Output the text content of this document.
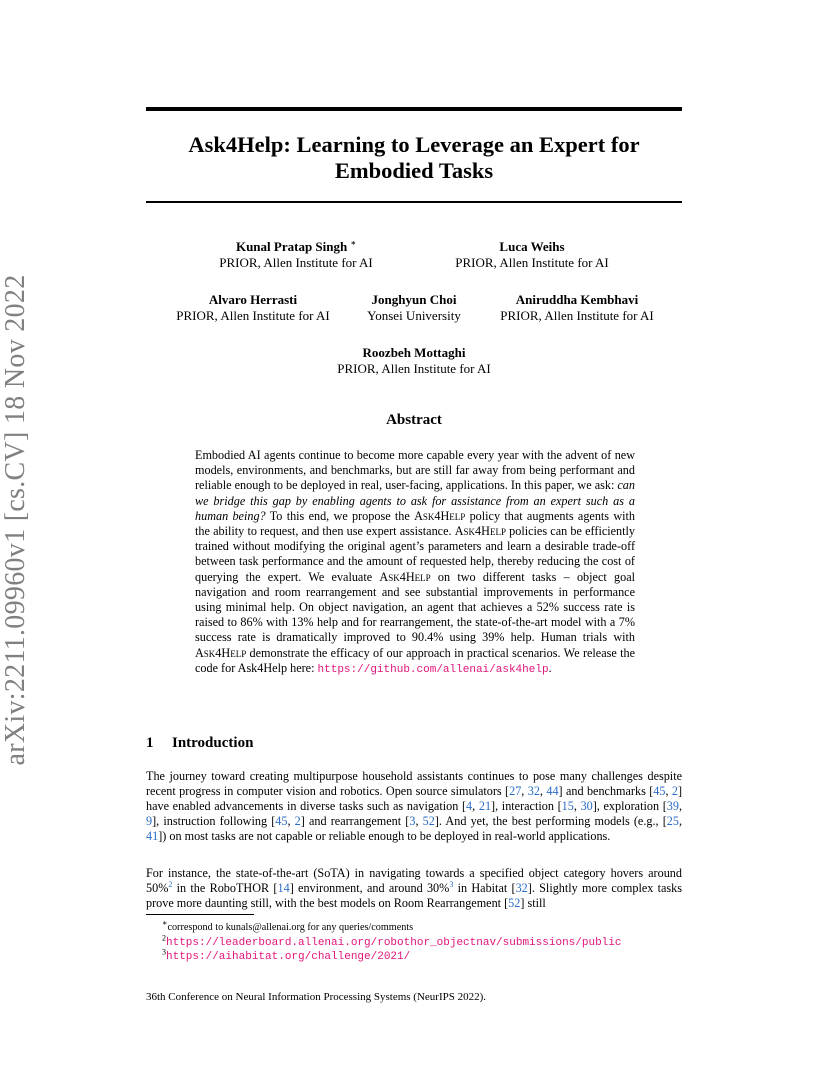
arXiv:2211.09960v1 [cs.CV] 18 Nov 2022
Ask4Help: Learning to Leverage an Expert for
Embodied Tasks
Kunal Pratap Singh ∗
PRIOR, Allen Institute for AI
Luca Weihs
PRIOR, Allen Institute for AI
Alvaro Herrasti
PRIOR, Allen Institute for AI
Jonghyun Choi
Yonsei University
Aniruddha Kembhavi
PRIOR, Allen Institute for AI
Roozbeh Mottaghi
PRIOR, Allen Institute for AI
Abstract
Embodied AI agents continue to become more capable every year with the advent of new models, environments, and benchmarks, but are still far away from being performant and reliable enough to be deployed in real, user-facing, applications. In this paper, we ask: can we bridge this gap by enabling agents to ask for assistance from an expert such as a human being? To this end, we propose the Ask4Help policy that augments agents with the ability to request, and then use expert assistance. Ask4Help policies can be efficiently trained without modifying the original agent’s parameters and learn a desirable trade-off between task performance and the amount of requested help, thereby reducing the cost of querying the expert. We evaluate Ask4Help on two different tasks – object goal navigation and room rearrangement and see substantial improvements in performance using minimal help. On object navigation, an agent that achieves a 52% success rate is raised to 86% with 13% help and for rearrangement, the state-of-the-art model with a 7% success rate is dramatically improved to 90.4% using 39% help. Human trials with Ask4Help demonstrate the efficacy of our approach in practical scenarios. We release the code for Ask4Help here: https://github.com/allenai/ask4help.
1 Introduction
The journey toward creating multipurpose household assistants continues to pose many challenges despite recent progress in computer vision and robotics. Open source simulators [27, 32, 44] and benchmarks [45, 2] have enabled advancements in diverse tasks such as navigation [4, 21], interaction [15, 30], exploration [39, 9], instruction following [45, 2] and rearrangement [3, 52]. And yet, the best performing models (e.g., [25, 41]) on most tasks are not capable or reliable enough to be deployed in real-world applications.
For instance, the state-of-the-art (SoTA) in navigating towards a specified object category hovers around 50%$^2$ in the RoboTHOR [14] environment, and around 30%$^3$ in Habitat [32]. Slightly more complex tasks prove more daunting still, with the best models on Room Rearrangement [52] still
∗correspond to kunals@allenai.org for any queries/comments
$^2$https://leaderboard.allenai.org/robothor_objectnav/submissions/public
$^3$https://aihabitat.org/challenge/2021/
36th Conference on Neural Information Processing Systems (NeurIPS 2022).
